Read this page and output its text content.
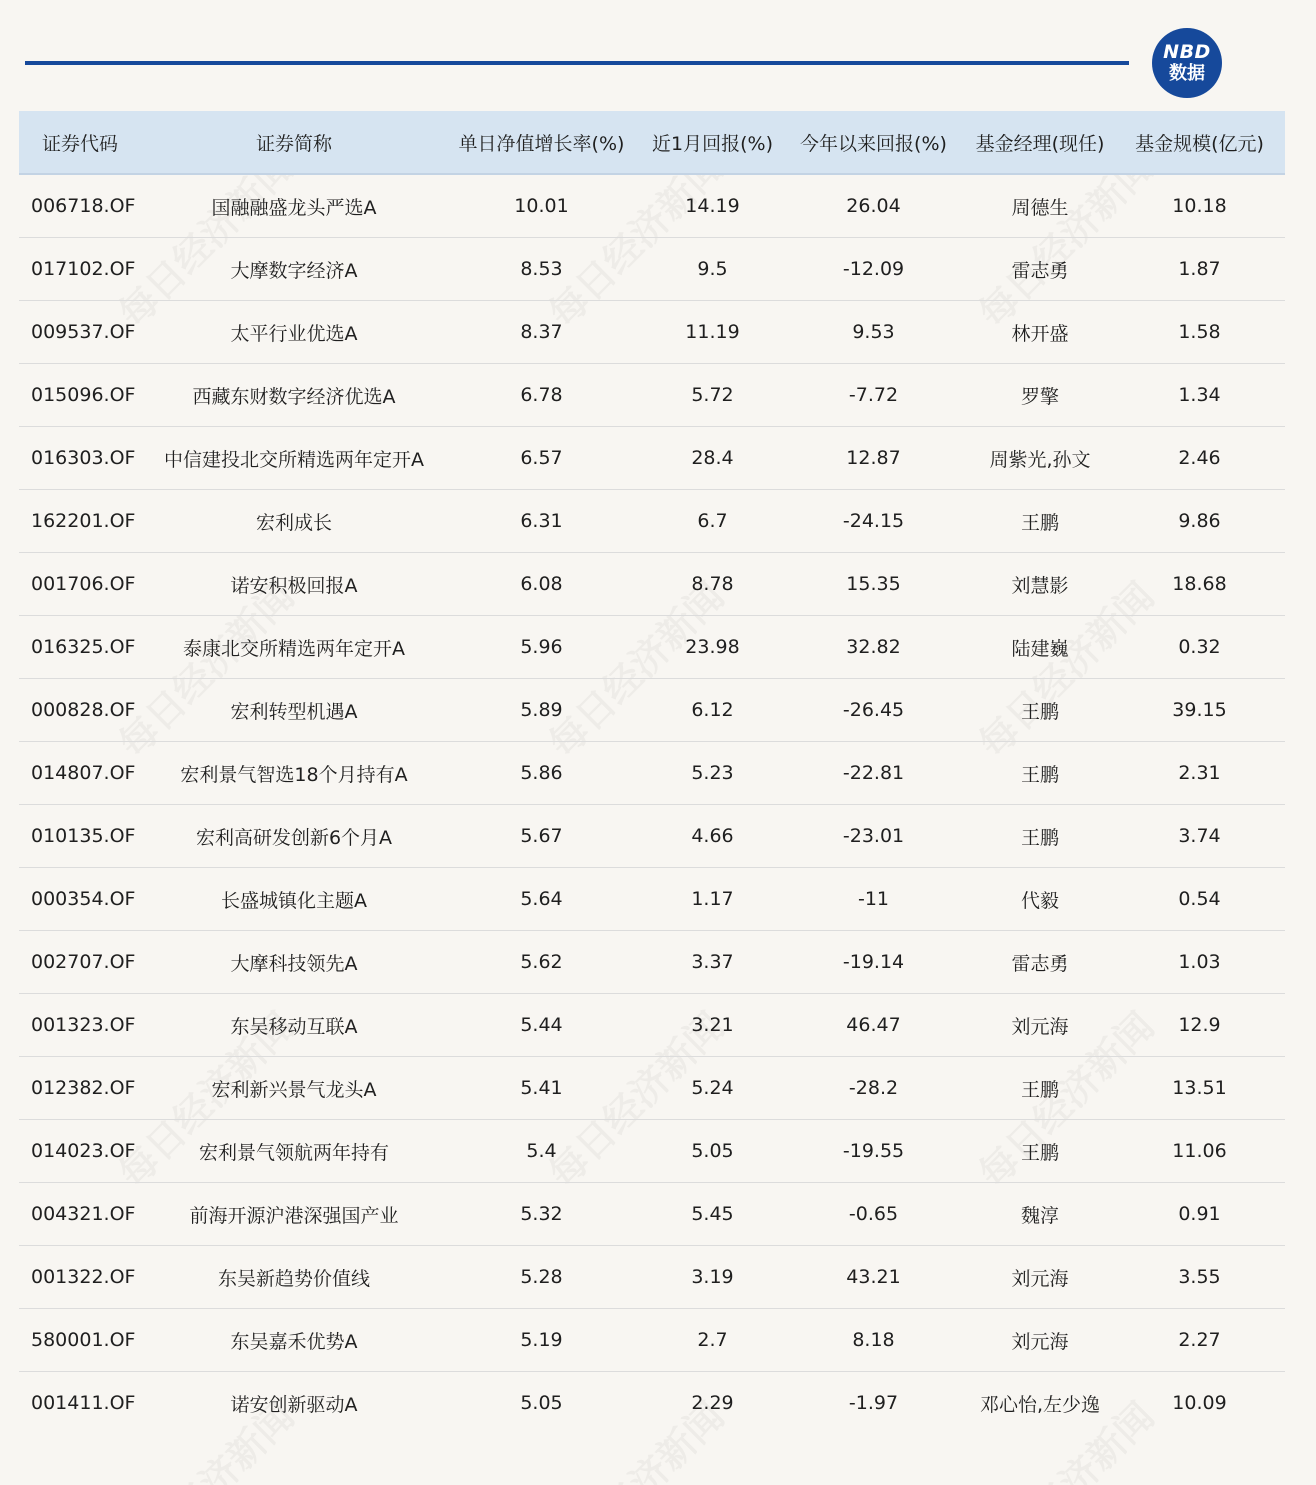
NBD
数据
证券代码	证券简称	单日净值增长率(%)	近1月回报(%)	今年以来回报(%)	基金经理(现任)	基金规模(亿元)
006718.OF	国融融盛龙头严选A	10.01	14.19	26.04	周德生	10.18
017102.OF	大摩数字经济A	8.53	9.5	-12.09	雷志勇	1.87
009537.OF	太平行业优选A	8.37	11.19	9.53	林开盛	1.58
015096.OF	西藏东财数字经济优选A	6.78	5.72	-7.72	罗擎	1.34
016303.OF	中信建投北交所精选两年定开A	6.57	28.4	12.87	周紫光,孙文	2.46
162201.OF	宏利成长	6.31	6.7	-24.15	王鹏	9.86
001706.OF	诺安积极回报A	6.08	8.78	15.35	刘慧影	18.68
016325.OF	泰康北交所精选两年定开A	5.96	23.98	32.82	陆建巍	0.32
000828.OF	宏利转型机遇A	5.89	6.12	-26.45	王鹏	39.15
014807.OF	宏利景气智选18个月持有A	5.86	5.23	-22.81	王鹏	2.31
010135.OF	宏利高研发创新6个月A	5.67	4.66	-23.01	王鹏	3.74
000354.OF	长盛城镇化主题A	5.64	1.17	-11	代毅	0.54
002707.OF	大摩科技领先A	5.62	3.37	-19.14	雷志勇	1.03
001323.OF	东吴移动互联A	5.44	3.21	46.47	刘元海	12.9
012382.OF	宏利新兴景气龙头A	5.41	5.24	-28.2	王鹏	13.51
014023.OF	宏利景气领航两年持有	5.4	5.05	-19.55	王鹏	11.06
004321.OF	前海开源沪港深强国产业	5.32	5.45	-0.65	魏淳	0.91
001322.OF	东吴新趋势价值线	5.28	3.19	43.21	刘元海	3.55
580001.OF	东吴嘉禾优势A	5.19	2.7	8.18	刘元海	2.27
001411.OF	诺安创新驱动A	5.05	2.29	-1.97	邓心怡,左少逸	10.09
